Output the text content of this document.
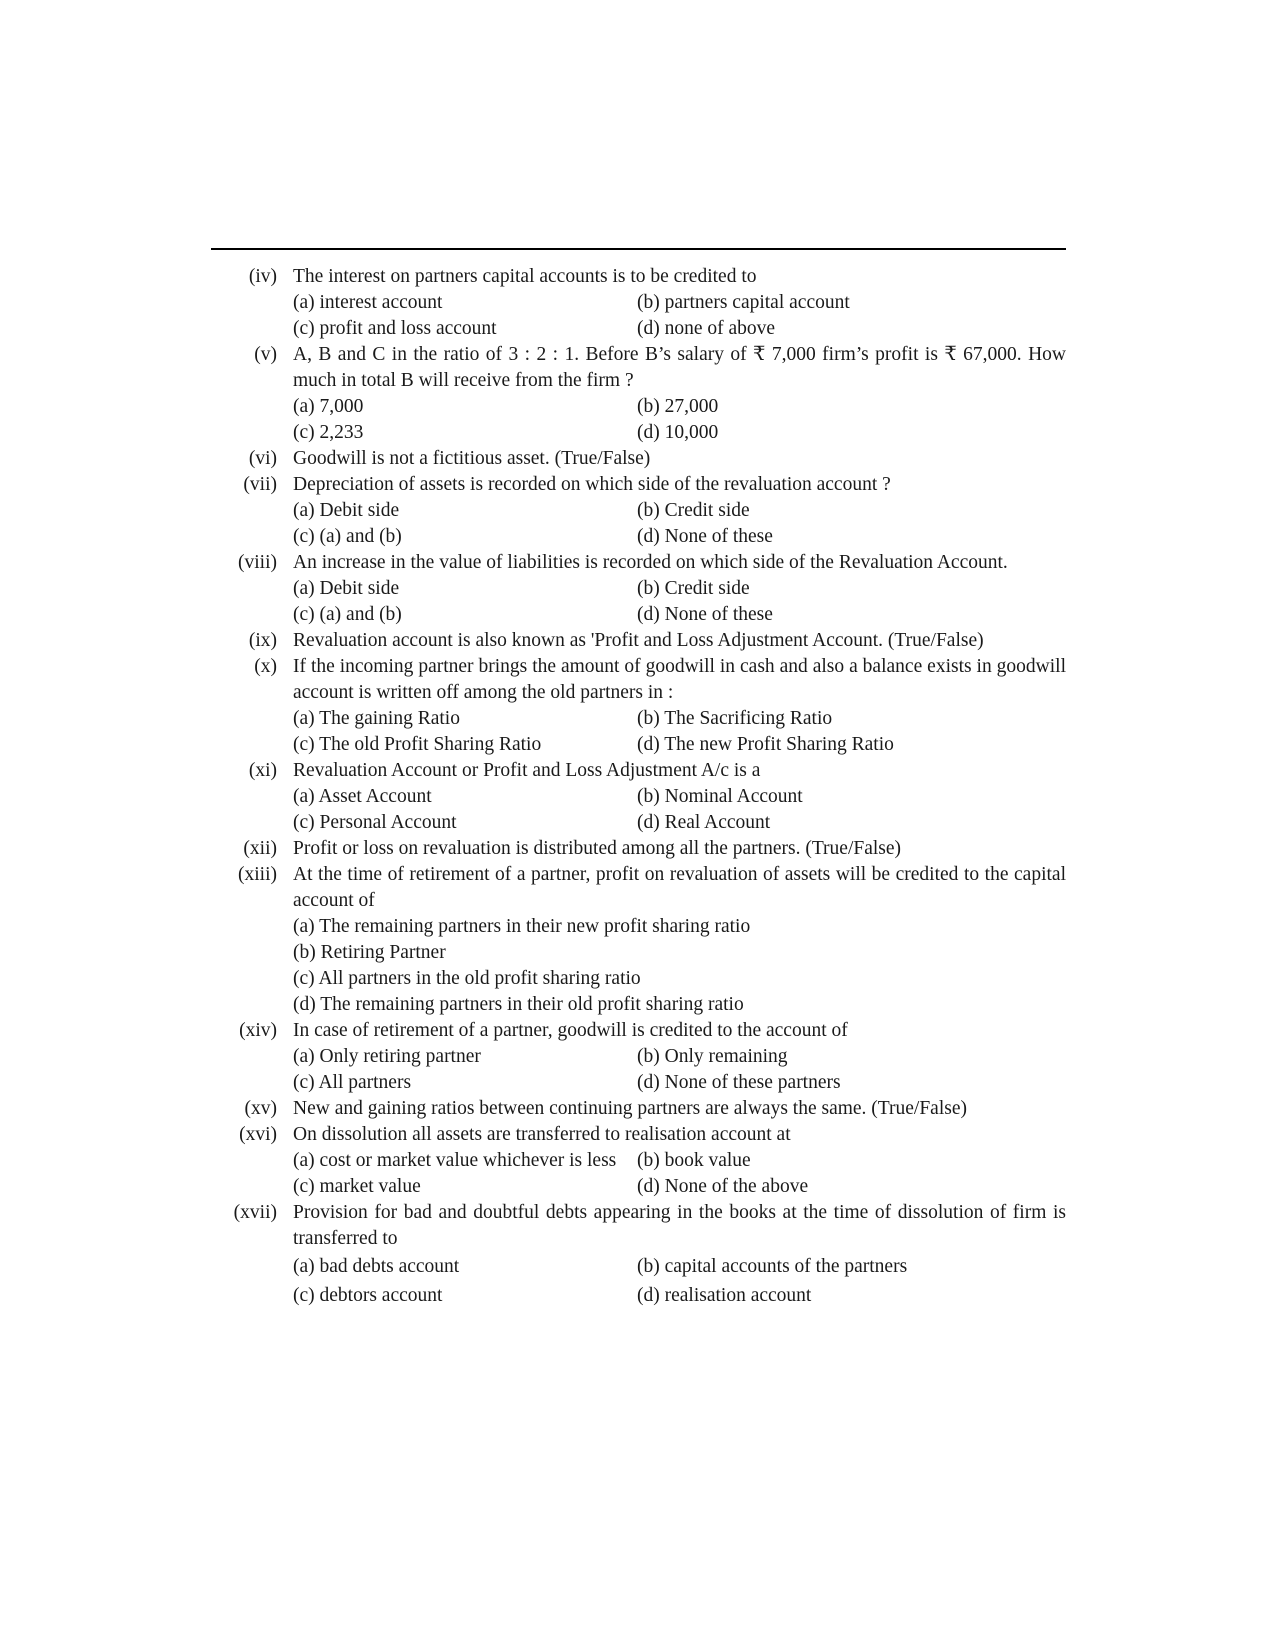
(iv) The interest on partners capital accounts is to be credited to
(a) interest account	(b) partners capital account
(c) profit and loss account	(d) none of above
(v) A, B and C in the ratio of 3 : 2 : 1. Before B’s salary of ₹ 7,000 firm’s profit is ₹ 67,000. How much in total B will receive from the firm ?
(a) 7,000	(b) 27,000
(c) 2,233	(d) 10,000
(vi) Goodwill is not a fictitious asset. (True/False)
(vii) Depreciation of assets is recorded on which side of the revaluation account ?
(a) Debit side	(b) Credit side
(c) (a) and (b)	(d) None of these
(viii) An increase in the value of liabilities is recorded on which side of the Revaluation Account.
(a) Debit side	(b) Credit side
(c) (a) and (b)	(d) None of these
(ix) Revaluation account is also known as 'Profit and Loss Adjustment Account. (True/False)
(x) If the incoming partner brings the amount of goodwill in cash and also a balance exists in goodwill account is written off among the old partners in :
(a) The gaining Ratio	(b) The Sacrificing Ratio
(c) The old Profit Sharing Ratio	(d) The new Profit Sharing Ratio
(xi) Revaluation Account or Profit and Loss Adjustment A/c is a
(a) Asset Account	(b) Nominal Account
(c) Personal Account	(d) Real Account
(xii) Profit or loss on revaluation is distributed among all the partners. (True/False)
(xiii) At the time of retirement of a partner, profit on revaluation of assets will be credited to the capital account of
(a) The remaining partners in their new profit sharing ratio
(b) Retiring Partner
(c) All partners in the old profit sharing ratio
(d) The remaining partners in their old profit sharing ratio
(xiv) In case of retirement of a partner, goodwill is credited to the account of
(a) Only retiring partner	(b) Only remaining
(c) All partners	(d) None of these partners
(xv) New and gaining ratios between continuing partners are always the same. (True/False)
(xvi) On dissolution all assets are transferred to realisation account at
(a) cost or market value whichever is less	(b) book value
(c) market value	(d) None of the above
(xvii) Provision for bad and doubtful debts appearing in the books at the time of dissolution of firm is transferred to
(a) bad debts account	(b) capital accounts of the partners
(c) debtors account	(d) realisation account
